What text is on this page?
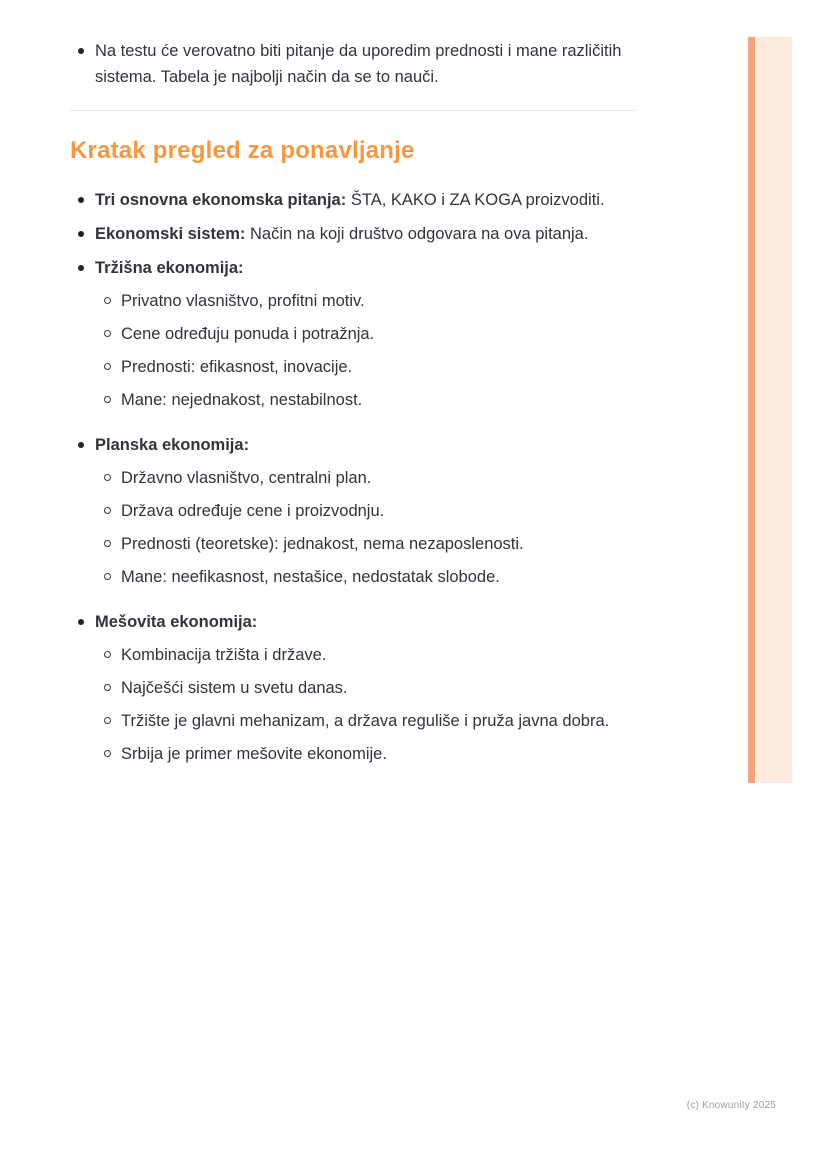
Na testu će verovatno biti pitanje da uporedim prednosti i mane različitih sistema. Tabela je najbolji način da se to nauči.

Kratak pregled za ponavljanje

Tri osnovna ekonomska pitanja: ŠTA, KAKO i ZA KOGA proizvoditi.

Ekonomski sistem: Način na koji društvo odgovara na ova pitanja.

Tržišna ekonomija:

Privatno vlasništvo, profitni motiv.

Cene određuju ponuda i potražnja.

Prednosti: efikasnost, inovacije.

Mane: nejednakost, nestabilnost.

Planska ekonomija:

Državno vlasništvo, centralni plan.

Država određuje cene i proizvodnju.

Prednosti (teoretske): jednakost, nema nezaposlenosti.

Mane: neefikasnost, nestašice, nedostatak slobode.

Mešovita ekonomija:

Kombinacija tržišta i države.

Najčešći sistem u svetu danas.

Tržište je glavni mehanizam, a država reguliše i pruža javna dobra.

Srbija je primer mešovite ekonomije.

(c) Knowunity 2025
